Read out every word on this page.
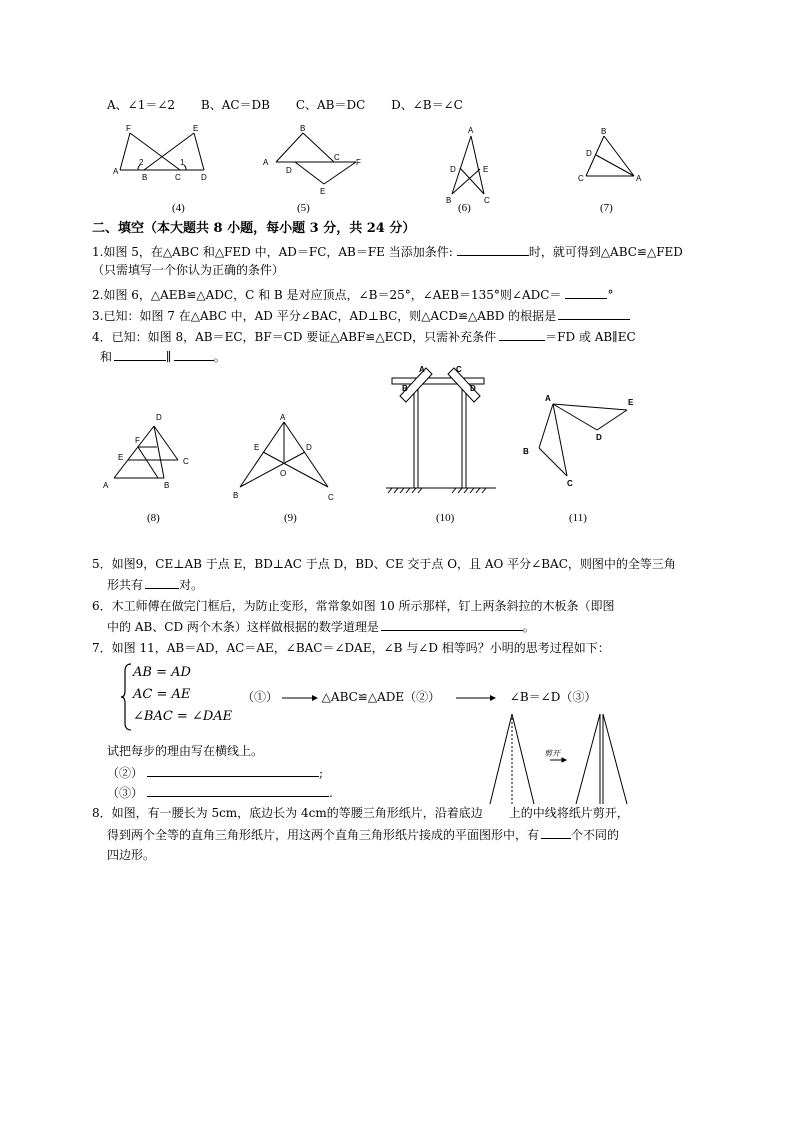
A、∠1＝∠2 B、AC＝DB C、AB＝DC D、∠B＝∠C
F	E
A
B	C	D
2	1
(4)
B
A
C
F
D
E
(5)
A
D	E
B	C
(6)
B
D
C	A
(7)
二、填空（本大题共 8 小题，每小题 3 分，共 24 分）
1.如图 5，在△ABC 和△FED 中，AD＝FC，AB＝FE 当添加条件:	时，就可得到△ABC≌△FED
（只需填写一个你认为正确的条件）
2.如图 6，△AEB≌△ADC，C 和 B 是对应顶点，∠B＝25°，∠AEB＝135°则∠ADC＝	°
3.已知：如图 7 在△ABC 中，AD 平分∠BAC，AD⊥BC，则△ACD≌△ABD 的根据是
4．已知：如图 8，AB＝EC，BF＝CD 要证△ABF≌△ECD，只需补充条件	＝FD 或 AB∥EC
和	∥	。
D
F
E	C
A	B
(8)
A
E	D
O
B	C
(9)
A	C
B	D
(10)
A	E
D
B
C
(11)
5．如图9，CE⊥AB 于点 E，BD⊥AC 于点 D，BD、CE 交于点 O，且 AO 平分∠BAC，则图中的全等三角
形共有	对。
6．木工师傅在做完门框后，为防止变形，常常象如图 10 所示那样，钉上两条斜拉的木板条（即图
中的 AB、CD 两个木条）这样做根据的数学道理是	。
7．如图 11，AB＝AD，AC＝AE，∠BAC＝∠DAE，∠B 与∠D 相等吗？小明的思考过程如下：
AB = AD
AC = AE
∠BAC = ∠DAE
（①）	△ABC≌△ADE（②）	∠B＝∠D（③）
试把每步的理由写在横线上。
（②）	;
（③）	.
剪开
8．如图，有一腰长为 5cm，底边长为 4cm的等腰三角形纸片，沿着底边 上的中线将纸片剪开，
得到两个全等的直角三角形纸片，用这两个直角三角形纸片接成的平面图形中，有	个不同的
四边形。
